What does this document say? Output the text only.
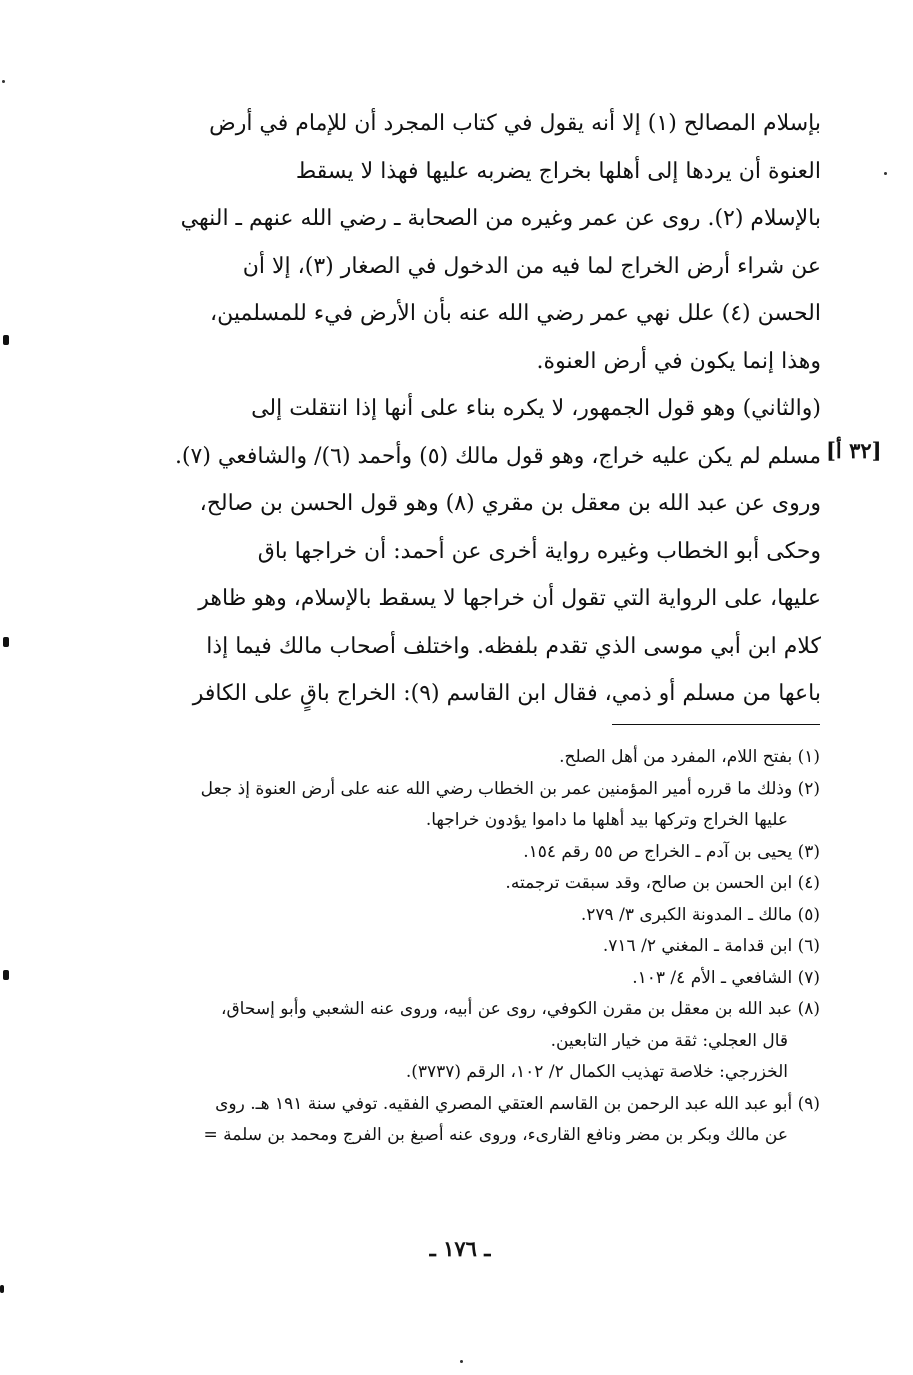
بإسلام المصالح (١) إلا أنه يقول في كتاب المجرد أن للإمام في أرض
العنوة أن يردها إلى أهلها بخراج يضربه عليها فهذا لا يسقط
بالإسلام (٢). روى عن عمر وغيره من الصحابة ـ رضي الله عنهم ـ النهي
عن شراء أرض الخراج لما فيه من الدخول في الصغار (٣)، إلا أن
الحسن (٤) علل نهي عمر رضي الله عنه بأن الأرض فيء للمسلمين،
وهذا إنما يكون في أرض العنوة.
(والثاني) وهو قول الجمهور، لا يكره بناء على أنها إذا انتقلت إلى
مسلم لم يكن عليه خراج، وهو قول مالك (٥) وأحمد (٦)/ والشافعي (٧).
وروى عن عبد الله بن معقل بن مقري (٨) وهو قول الحسن بن صالح،
وحكى أبو الخطاب وغيره رواية أخرى عن أحمد: أن خراجها باق
عليها، على الرواية التي تقول أن خراجها لا يسقط بالإسلام، وهو ظاهر
كلام ابن أبي موسى الذي تقدم بلفظه. واختلف أصحاب مالك فيما إذا
باعها من مسلم أو ذمي، فقال ابن القاسم (٩): الخراج باقٍ على الكافر
[٣٢ أ]
(١) بفتح اللام، المفرد من أهل الصلح.
(٢) وذلك ما قرره أمير المؤمنين عمر بن الخطاب رضي الله عنه على أرض العنوة إذ جعل
عليها الخراج وتركها بيد أهلها ما داموا يؤدون خراجها.
(٣) يحيى بن آدم ـ الخراج ص ٥٥ رقم ١٥٤.
(٤) ابن الحسن بن صالح، وقد سبقت ترجمته.
(٥) مالك ـ المدونة الكبرى ٣/ ٢٧٩.
(٦) ابن قدامة ـ المغني ٢/ ٧١٦.
(٧) الشافعي ـ الأم ٤/ ١٠٣.
(٨) عبد الله بن معقل بن مقرن الكوفي، روى عن أبيه، وروى عنه الشعبي وأبو إسحاق،
قال العجلي: ثقة من خيار التابعين.
الخزرجي: خلاصة تهذيب الكمال ٢/ ١٠٢، الرقم (٣٧٣٧).
(٩) أبو عبد الله عبد الرحمن بن القاسم العتقي المصري الفقيه. توفي سنة ١٩١ هـ. روى
عن مالك وبكر بن مضر ونافع القارىء، وروى عنه أصبغ بن الفرج ومحمد بن سلمة =
ـ ١٧٦ ـ
